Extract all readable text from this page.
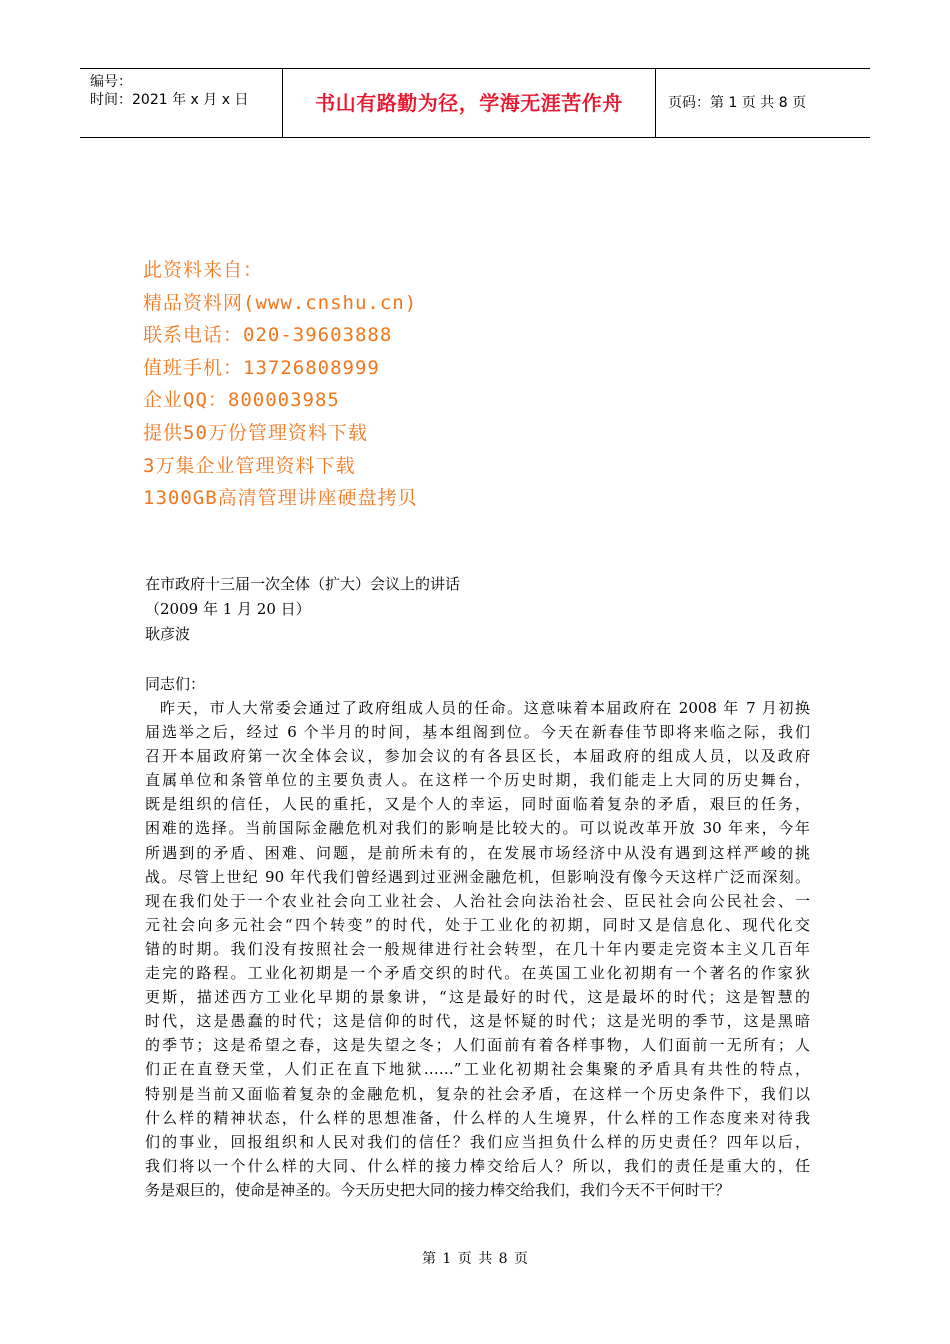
编号：
时间：2021 年 x 月 x 日	书山有路勤为径，学海无涯苦作舟	页码：第 1 页 共 8 页
此资料来自：
精品资料网(www.cnshu.cn)
联系电话：020-39603888
值班手机：13726808999
企业QQ：800003985
提供50万份管理资料下载
3万集企业管理资料下载
1300GB高清管理讲座硬盘拷贝
在市政府十三届一次全体（扩大）会议上的讲话
（2009 年 1 月 20 日）
耿彦波
同志们：
昨天，市人大常委会通过了政府组成人员的任命。这意味着本届政府在 2008 年 7 月初换
届选举之后，经过 6 个半月的时间，基本组阁到位。今天在新春佳节即将来临之际，我们
召开本届政府第一次全体会议，参加会议的有各县区长，本届政府的组成人员，以及政府
直属单位和条管单位的主要负责人。在这样一个历史时期，我们能走上大同的历史舞台，
既是组织的信任，人民的重托，又是个人的幸运，同时面临着复杂的矛盾，艰巨的任务，
困难的选择。当前国际金融危机对我们的影响是比较大的。可以说改革开放 30 年来，今年
所遇到的矛盾、困难、问题，是前所未有的，在发展市场经济中从没有遇到这样严峻的挑
战。尽管上世纪 90 年代我们曾经遇到过亚洲金融危机，但影响没有像今天这样广泛而深刻。
现在我们处于一个农业社会向工业社会、人治社会向法治社会、臣民社会向公民社会、一
元社会向多元社会“四个转变”的时代，处于工业化的初期，同时又是信息化、现代化交
错的时期。我们没有按照社会一般规律进行社会转型，在几十年内要走完资本主义几百年
走完的路程。工业化初期是一个矛盾交织的时代。在英国工业化初期有一个著名的作家狄
更斯，描述西方工业化早期的景象讲，“这是最好的时代，这是最坏的时代；这是智慧的
时代，这是愚蠢的时代；这是信仰的时代，这是怀疑的时代；这是光明的季节，这是黑暗
的季节；这是希望之春，这是失望之冬；人们面前有着各样事物，人们面前一无所有；人
们正在直登天堂，人们正在直下地狱……”工业化初期社会集聚的矛盾具有共性的特点，
特别是当前又面临着复杂的金融危机，复杂的社会矛盾，在这样一个历史条件下，我们以
什么样的精神状态，什么样的思想准备，什么样的人生境界，什么样的工作态度来对待我
们的事业，回报组织和人民对我们的信任？我们应当担负什么样的历史责任？四年以后，
我们将以一个什么样的大同、什么样的接力棒交给后人？所以，我们的责任是重大的，任
务是艰巨的，使命是神圣的。今天历史把大同的接力棒交给我们，我们今天不干何时干？
第 1 页 共 8 页
